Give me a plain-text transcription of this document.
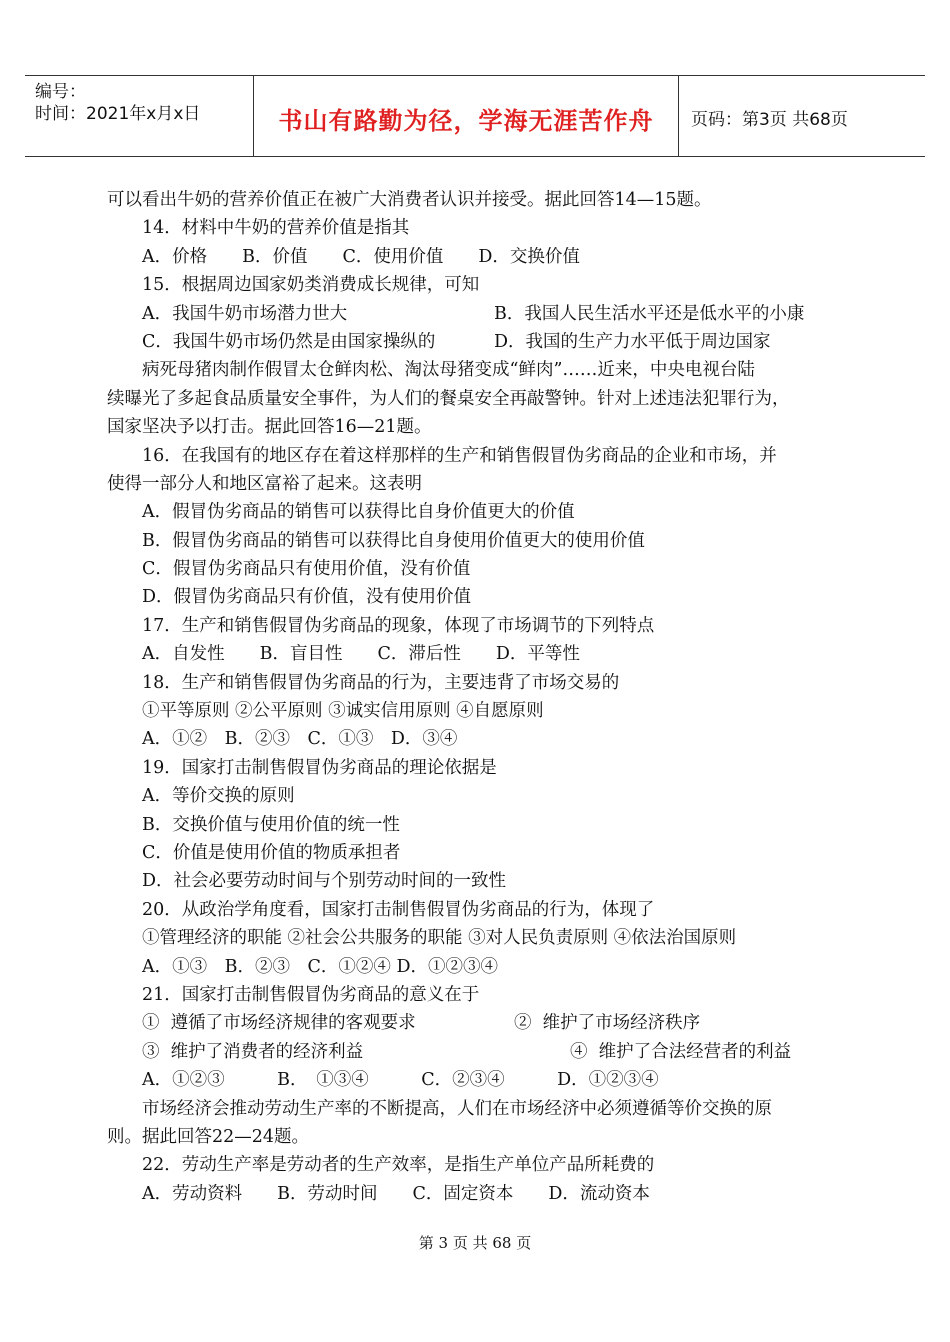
编号：
时间：2021年x月x日	书山有路勤为径，学海无涯苦作舟	页码：第3页 共68页
可以看出牛奶的营养价值正在被广大消费者认识并接受。据此回答14—15题。
14．材料中牛奶的营养价值是指其
A．价格　　B．价值　　C．使用价值　　D．交换价值
15．根据周边国家奶类消费成长规律，可知
A．我国牛奶市场潜力世大	B．我国人民生活水平还是低水平的小康
C．我国牛奶市场仍然是由国家操纵的	D．我国的生产力水平低于周边国家
病死母猪肉制作假冒太仓鲜肉松、淘汰母猪变成“鲜肉”……近来，中央电视台陆
续曝光了多起食品质量安全事件，为人们的餐桌安全再敲警钟。针对上述违法犯罪行为，
国家坚决予以打击。据此回答16—21题。
16．在我国有的地区存在着这样那样的生产和销售假冒伪劣商品的企业和市场，并
使得一部分人和地区富裕了起来。这表明
A．假冒伪劣商品的销售可以获得比自身价值更大的价值
B．假冒伪劣商品的销售可以获得比自身使用价值更大的使用价值
C．假冒伪劣商品只有使用价值，没有价值
D．假冒伪劣商品只有价值，没有使用价值
17．生产和销售假冒伪劣商品的现象，体现了市场调节的下列特点
A．自发性　　B．盲目性　　C．滞后性　　D．平等性
18．生产和销售假冒伪劣商品的行为，主要违背了市场交易的
①平等原则 ②公平原则 ③诚实信用原则 ④自愿原则
A．①②　B．②③　C．①③　D．③④
19．国家打击制售假冒伪劣商品的理论依据是
A．等价交换的原则
B．交换价值与使用价值的统一性
C．价值是使用价值的物质承担者
D．社会必要劳动时间与个别劳动时间的一致性
20．从政治学角度看，国家打击制售假冒伪劣商品的行为，体现了
①管理经济的职能 ②社会公共服务的职能 ③对人民负责原则 ④依法治国原则
A．①③　B．②③　C．①②④ D．①②③④
21．国家打击制售假冒伪劣商品的意义在于
①  遵循了市场经济规律的客观要求	②  维护了市场经济秩序
③  维护了消费者的经济利益	④  维护了合法经营者的利益
A．①②③　　　B．　①③④　　　C．②③④　　　D．①②③④
市场经济会推动劳动生产率的不断提高，人们在市场经济中必须遵循等价交换的原
则。据此回答22—24题。
22．劳动生产率是劳动者的生产效率，是指生产单位产品所耗费的
A．劳动资料　　B．劳动时间　　C．固定资本　　D．流动资本
第 3 页 共 68 页
